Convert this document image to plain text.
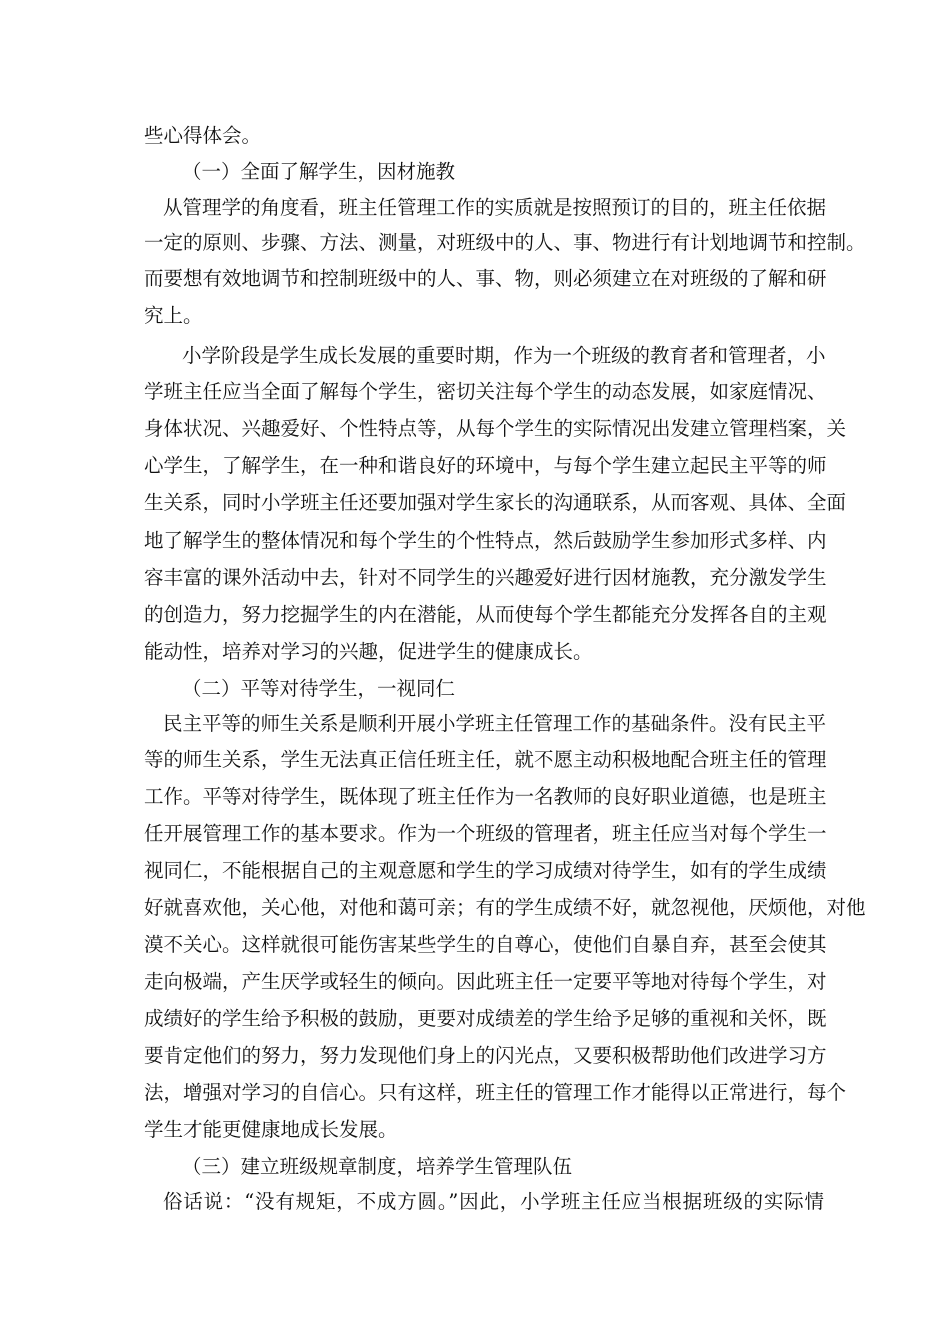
些心得体会。
（一）全面了解学生，因材施教
从管理学的角度看，班主任管理工作的实质就是按照预订的目的，班主任依据
一定的原则、步骤、方法、测量，对班级中的人、事、物进行有计划地调节和控制。
而要想有效地调节和控制班级中的人、事、物，则必须建立在对班级的了解和研
究上。
小学阶段是学生成长发展的重要时期，作为一个班级的教育者和管理者，小
学班主任应当全面了解每个学生，密切关注每个学生的动态发展，如家庭情况、
身体状况、兴趣爱好、个性特点等，从每个学生的实际情况出发建立管理档案，关
心学生，了解学生，在一种和谐良好的环境中，与每个学生建立起民主平等的师
生关系，同时小学班主任还要加强对学生家长的沟通联系，从而客观、具体、全面
地了解学生的整体情况和每个学生的个性特点，然后鼓励学生参加形式多样、内
容丰富的课外活动中去，针对不同学生的兴趣爱好进行因材施教，充分激发学生
的创造力，努力挖掘学生的内在潜能，从而使每个学生都能充分发挥各自的主观
能动性，培养对学习的兴趣，促进学生的健康成长。
（二）平等对待学生，一视同仁
民主平等的师生关系是顺利开展小学班主任管理工作的基础条件。没有民主平
等的师生关系，学生无法真正信任班主任，就不愿主动积极地配合班主任的管理
工作。平等对待学生，既体现了班主任作为一名教师的良好职业道德，也是班主
任开展管理工作的基本要求。作为一个班级的管理者，班主任应当对每个学生一
视同仁，不能根据自己的主观意愿和学生的学习成绩对待学生，如有的学生成绩
好就喜欢他，关心他，对他和蔼可亲；有的学生成绩不好，就忽视他，厌烦他，对他
漠不关心。这样就很可能伤害某些学生的自尊心，使他们自暴自弃，甚至会使其
走向极端，产生厌学或轻生的倾向。因此班主任一定要平等地对待每个学生，对
成绩好的学生给予积极的鼓励，更要对成绩差的学生给予足够的重视和关怀，既
要肯定他们的努力，努力发现他们身上的闪光点，又要积极帮助他们改进学习方
法，增强对学习的自信心。只有这样，班主任的管理工作才能得以正常进行，每个
学生才能更健康地成长发展。
（三）建立班级规章制度，培养学生管理队伍
俗话说：“没有规矩，不成方圆。”因此，小学班主任应当根据班级的实际情
